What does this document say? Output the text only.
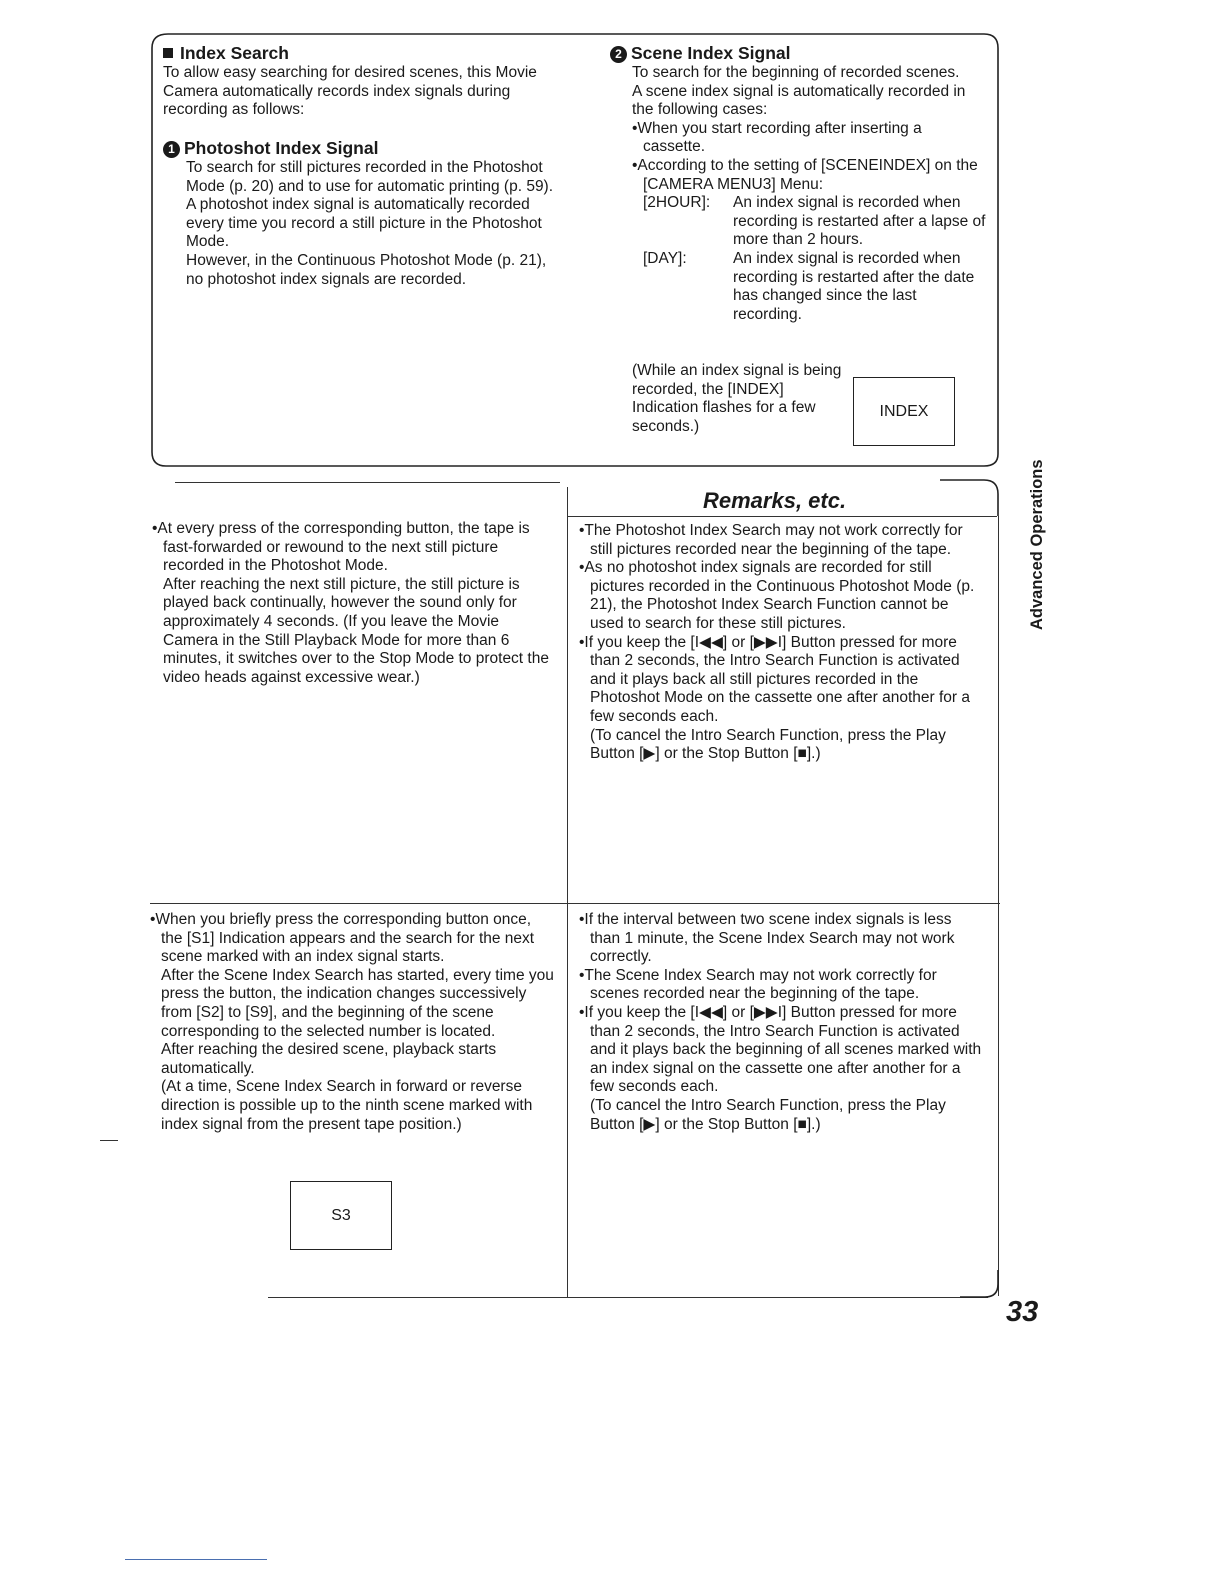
Index Search

To allow easy searching for desired scenes, this Movie Camera automatically records index signals during recording as follows:

1 Photoshot Index Signal

To search for still pictures recorded in the Photoshot Mode (p. 20) and to use for automatic printing (p. 59).

A photoshot index signal is automatically recorded every time you record a still picture in the Photoshot Mode.

However, in the Continuous Photoshot Mode (p. 21), no photoshot index signals are recorded.

2 Scene Index Signal

To search for the beginning of recorded scenes.

A scene index signal is automatically recorded in the following cases:

•When you start recording after inserting a cassette.

•According to the setting of [SCENEINDEX] on the [CAMERA MENU3] Menu:

[2HOUR]:	An index signal is recorded when recording is restarted after a lapse of more than 2 hours.
[DAY]:	An index signal is recorded when recording is restarted after the date has changed since the last recording.
(While an index signal is being recorded, the [INDEX] Indication flashes for a few seconds.)
INDEX
Advanced Operations
Remarks, etc.

•At every press of the corresponding button, the tape is fast-forwarded or rewound to the next still picture recorded in the Photoshot Mode.

After reaching the next still picture, the still picture is played back continually, however the sound only for approximately 4 seconds. (If you leave the Movie Camera in the Still Playback Mode for more than 6 minutes, it switches over to the Stop Mode to protect the video heads against excessive wear.)

•When you briefly press the corresponding button once, the [S1] Indication appears and the search for the next scene marked with an index signal starts.

After the Scene Index Search has started, every time you press the button, the indication changes successively from [S2] to [S9], and the beginning of the scene corresponding to the selected number is located.

After reaching the desired scene, playback starts automatically.

(At a time, Scene Index Search in forward or reverse direction is possible up to the ninth scene marked with index signal from the present tape position.)

S3

•The Photoshot Index Search may not work correctly for still pictures recorded near the beginning of the tape.

•As no photoshot index signals are recorded for still pictures recorded in the Continuous Photoshot Mode (p. 21), the Photoshot Index Search Function cannot be used to search for these still pictures.

•If you keep the [I◀◀] or [▶▶I] Button pressed for more than 2 seconds, the Intro Search Function is activated and it plays back all still pictures recorded in the Photoshot Mode on the cassette one after another for a few seconds each.

(To cancel the Intro Search Function, press the Play Button [▶] or the Stop Button [■].)

•If the interval between two scene index signals is less than 1 minute, the Scene Index Search may not work correctly.

•The Scene Index Search may not work correctly for scenes recorded near the beginning of the tape.

•If you keep the [I◀◀] or [▶▶I] Button pressed for more than 2 seconds, the Intro Search Function is activated and it plays back the beginning of all scenes marked with an index signal on the cassette one after another for a few seconds each.

(To cancel the Intro Search Function, press the Play Button [▶] or the Stop Button [■].)

33
